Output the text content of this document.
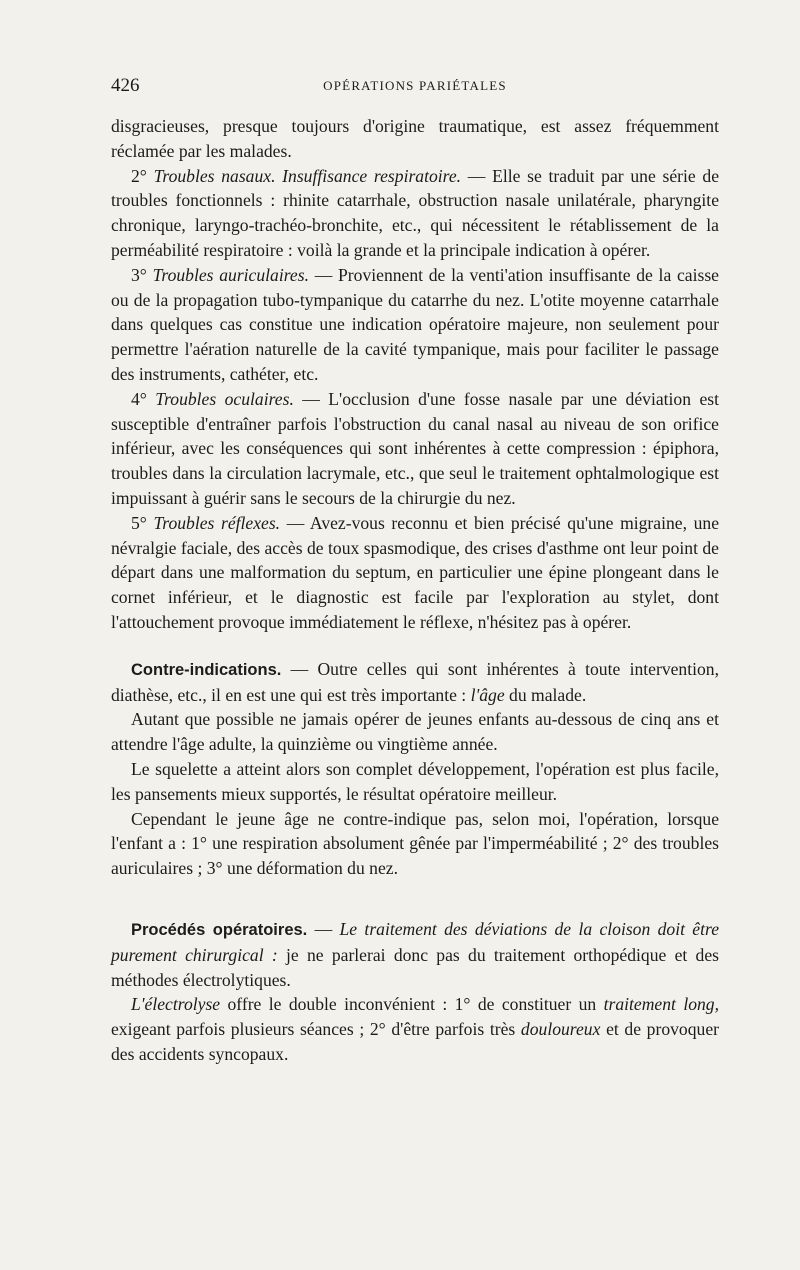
426	OPÉRATIONS PARIÉTALES

disgracieuses, presque toujours d'origine traumatique, est assez fréquemment réclamée par les malades.

2° Troubles nasaux. Insuffisance respiratoire. — Elle se traduit par une série de troubles fonctionnels : rhinite catarrhale, obstruction nasale unilatérale, pharyngite chronique, laryngo-trachéo-bronchite, etc., qui nécessitent le rétablissement de la perméabilité respiratoire : voilà la grande et la principale indication à opérer.

3° Troubles auriculaires. — Proviennent de la venti'ation insuffisante de la caisse ou de la propagation tubo-tympanique du catarrhe du nez. L'otite moyenne catarrhale dans quelques cas constitue une indication opératoire majeure, non seulement pour permettre l'aération naturelle de la cavité tympanique, mais pour faciliter le passage des instruments, cathéter, etc.

4° Troubles oculaires. — L'occlusion d'une fosse nasale par une déviation est susceptible d'entraîner parfois l'obstruction du canal nasal au niveau de son orifice inférieur, avec les conséquences qui sont inhérentes à cette compression : épiphora, troubles dans la circulation lacrymale, etc., que seul le traitement ophtalmologique est impuissant à guérir sans le secours de la chirurgie du nez.

5° Troubles réflexes. — Avez-vous reconnu et bien précisé qu'une migraine, une névralgie faciale, des accès de toux spasmodique, des crises d'asthme ont leur point de départ dans une malformation du septum, en particulier une épine plongeant dans le cornet inférieur, et le diagnostic est facile par l'exploration au stylet, dont l'attouchement provoque immédiatement le réflexe, n'hésitez pas à opérer.

Contre-indications. — Outre celles qui sont inhérentes à toute intervention, diathèse, etc., il en est une qui est très importante : l'âge du malade.

Autant que possible ne jamais opérer de jeunes enfants au-dessous de cinq ans et attendre l'âge adulte, la quinzième ou vingtième année.

Le squelette a atteint alors son complet développement, l'opération est plus facile, les pansements mieux supportés, le résultat opératoire meilleur.

Cependant le jeune âge ne contre-indique pas, selon moi, l'opération, lorsque l'enfant a : 1° une respiration absolument gênée par l'imperméabilité ; 2° des troubles auriculaires ; 3° une déformation du nez.

Procédés opératoires. — Le traitement des déviations de la cloison doit être purement chirurgical : je ne parlerai donc pas du traitement orthopédique et des méthodes électrolytiques.

L'électrolyse offre le double inconvénient : 1° de constituer un traitement long, exigeant parfois plusieurs séances ; 2° d'être parfois très douloureux et de provoquer des accidents syncopaux.
